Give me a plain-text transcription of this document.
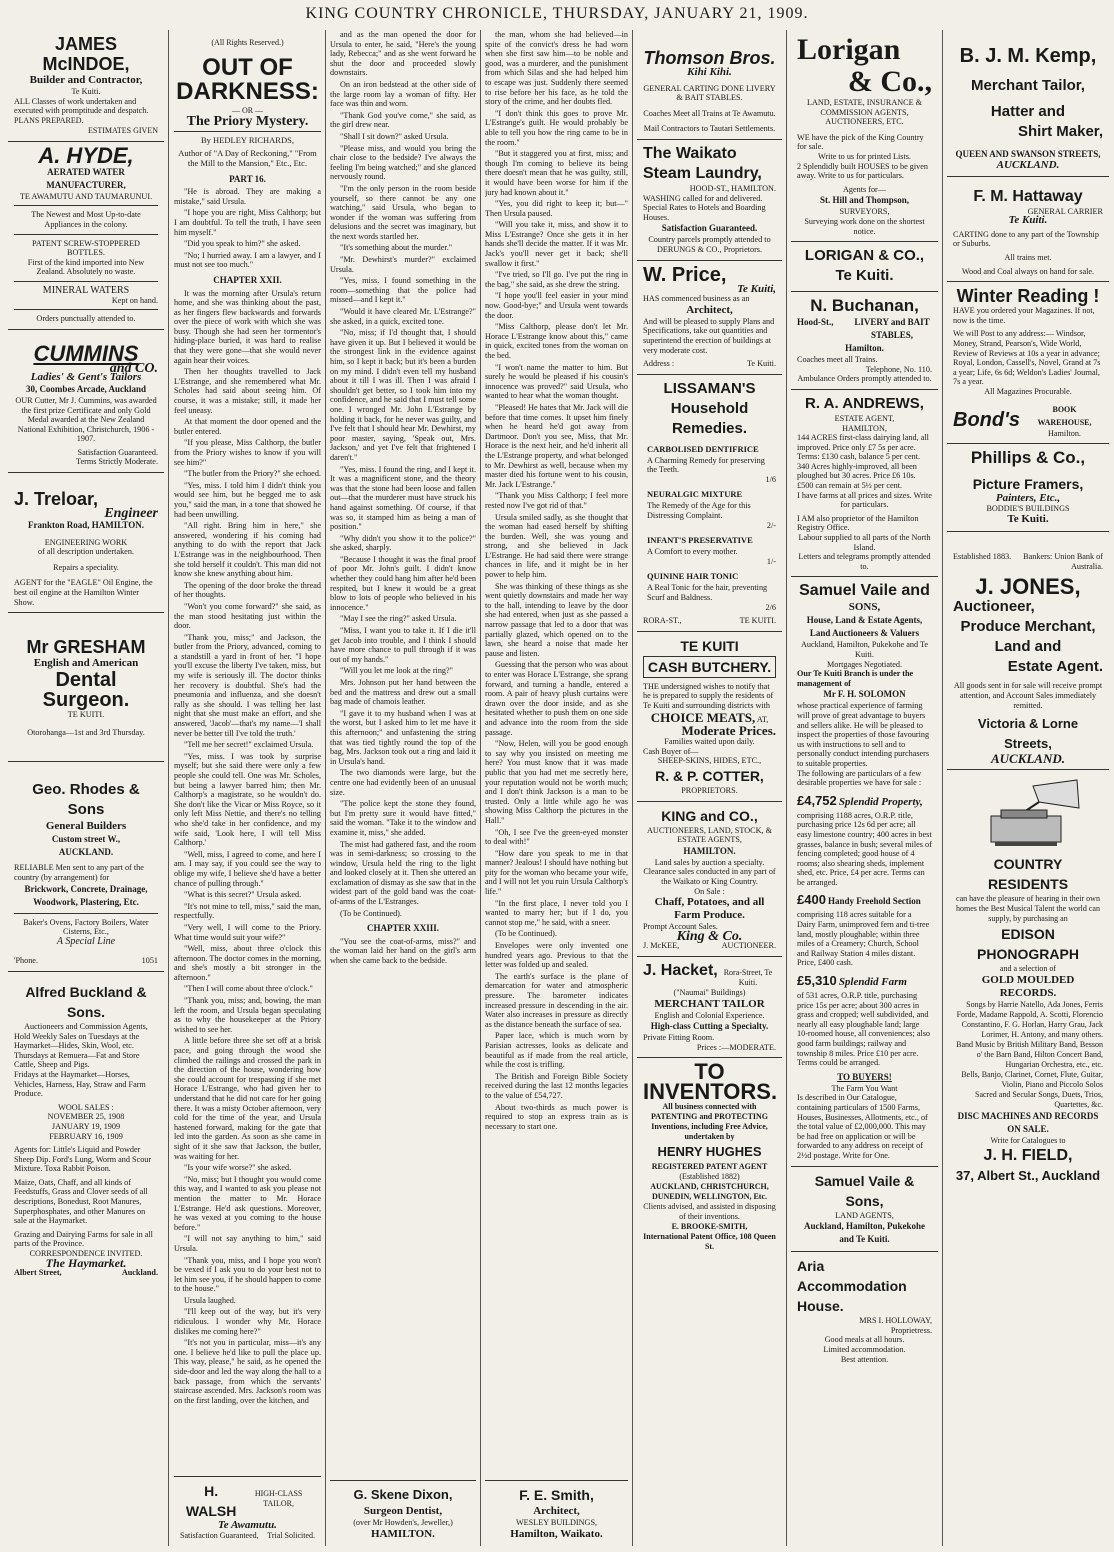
KING COUNTRY CHRONICLE, THURSDAY, JANUARY 21, 1909.
JAMES McINDOE,
Builder and Contractor,
Te Kuiti.
ALL Classes of work undertaken and executed with promptitude and despatch.
PLANS PREPARED.
ESTIMATES GIVEN
A. HYDE,
AERATED WATER MANUFACTURER,
TE AWAMUTU AND TAUMARUNUI.
The Newest and Most Up-to-date Appliances in the colony.
PATENT SCREW-STOPPERED BOTTLES.
First of the kind imported into New Zealand. Absolutely no waste.
MINERAL WATERS
Kept on hand.
Orders punctually attended to.
CUMMINS
and CO.
Ladies' & Gent's Tailors
30, Coombes Arcade, Auckland
OUR Cutter, Mr J. Cummins, was awarded the first prize Certificate and only Gold Medal awarded at the New Zealand National Exhibition, Christchurch, 1906 - 1907.
Satisfaction Guaranteed.
Terms Strictly Moderate.
J. Treloar,
Engineer
Frankton Road, HAMILTON.
ENGINEERING WORK
of all description undertaken.
Repairs a speciality.
AGENT for the "EAGLE" Oil Engine, the best oil engine at the Hamilton Winter Show.
Mr GRESHAM
English and American
Dental Surgeon.
TE KUITI.
Otorohanga—1st and 3rd Thursday.
Geo. Rhodes & Sons
General Builders
Custom street W.,
AUCKLAND.
RELIABLE Men sent to any part of the country (by arrangement) for
Brickwork, Concrete, Drainage, Woodwork, Plastering, Etc.
Baker's Ovens, Factory Boilers, Water Cisterns, Etc.,
A Special Line
'Phone.	1051
Alfred Buckland & Sons.
Auctioneers and Commission Agents,
Hold Weekly Sales on Tuesdays at the Haymarket—Hides, Skin, Wool, etc.
Thursdays at Remuera—Fat and Store Cattle, Sheep and Pigs.
Fridays at the Haymarket—Horses, Vehicles, Harness, Hay, Straw and Farm Produce.
WOOL SALES :
NOVEMBER 25, 1908
JANUARY 19, 1909
FEBRUARY 16, 1909
Agents for: Little's Liquid and Powder Sheep Dip. Ford's Lung, Worm and Scour Mixture. Toxa Rabbit Poison.
Maize, Oats, Chaff, and all kinds of Feedstuffs, Grass and Clover seeds of all descriptions, Bonedust, Root Manures, Superphosphates, and other Manures on sale at the Haymarket.
Grazing and Dairying Farms for sale in all parts of the Province.
CORRESPONDENCE INVITED.
The Haymarket.
Albert Street,	Auckland.
(All Rights Reserved.)
OUT OF DARKNESS:
— OR —
The Priory Mystery.
By HEDLEY RICHARDS,
Author of "A Day of Reckoning," "From the Mill to the Mansion," Etc., Etc.
PART 16.

"He is abroad. They are making a mistake," said Ursula.

"I hope you are right, Miss Calthorp; but I am doubtful. To tell the truth, I have seen him myself."

"Did you speak to him?" she asked.

"No; I hurried away. I am a lawyer, and I must not see too much."

CHAPTER XXII.

It was the morning after Ursula's return home, and she was thinking about the past, as her fingers flew backwards and forwards over the piece of work with which she was busy. Though she had seen her tormentor's hiding-place buried, it was hard to realise that they were gone—that she would never again hear their voices.

Then her thoughts travelled to Jack L'Estrange, and she remembered what Mr. Scholes had said about seeing him. Of course, it was a mistake; still, it made her feel uneasy.

At that moment the door opened and the butler entered.

"If you please, Miss Calthorp, the butler from the Priory wishes to know if you will see him?"

"The butler from the Priory?" she echoed.

"Yes, miss. I told him I didn't think you would see him, but he begged me to ask you," said the man, in a tone that showed he had been unwilling.

"All right. Bring him in here," she answered, wondering if his coming had anything to do with the report that Jack L'Estrange was in the neighbourhood. Then she told herself it couldn't. This man did not know she knew anything about him.

The opening of the door broke the thread of her thoughts.

"Won't you come forward?" she said, as the man stood hesitating just within the door.

"Thank you, miss;" and Jackson, the butler from the Priory, advanced, coming to a standstill a yard in front of her. "I hope you'll excuse the liberty I've taken, miss, but my wife is seriously ill. The doctor thinks her recovery is doubtful. She's had the pneumonia and influenza, and she doesn't rally as she should. I was telling her last night that she must make an effort, and she answered, 'Jacob'—that's my name—'I shall never be better till I've told the truth.'

"Tell me her secret!" exclaimed Ursula.

"Yes, miss. I was took by surprise myself; but she said there were only a few people she could tell. One was Mr. Scholes, but being a lawyer barred him; then Mr. Calthorp's a magistrate, so he wouldn't do. She don't like the Vicar or Miss Royce, so it only left Miss Nettie, and there's no telling who she'd take in her confidence, and my wife said, 'Look here, I will tell Miss Calthorp.'

"Well, miss, I agreed to come, and here I am. I may say, if you could see the way to oblige my wife, I believe she'd have a better chance of pulling through."

"What is this secret?" Ursula asked.

"It's not mine to tell, miss," said the man, respectfully.

"Very well, I will come to the Priory. What time would suit your wife?"

"Well, miss, about three o'clock this afternoon. The doctor comes in the morning, and she's mostly a bit stronger in the afternoon."

"Then I will come about three o'clock."

"Thank you, miss; and, bowing, the man left the room, and Ursula began speculating as to why the housekeeper at the Priory wished to see her.

A little before three she set off at a brisk pace, and going through the wood she climbed the railings and crossed the park in the direction of the house, wondering how she could account for trespassing if she met Horace L'Estrange, who had given her to understand that he did not care for her going there. It was a misty October afternoon, very cold for the time of the year, and Ursula hastened forward, making for the gate that led into the garden. As soon as she came in sight of it she saw that Jackson, the butler, was waiting for her.

"Is your wife worse?" she asked.

"No, miss; but I thought you would come this way, and I wanted to ask you please not mention the matter to Mr. Horace L'Estrange. He'd ask questions. Moreover, he was vexed at you coming to the house before."

"I will not say anything to him," said Ursula.

"Thank you, miss, and I hope you won't be vexed if I ask you to do your best not to let him see you, if he should happen to come to the house."

Ursula laughed.

"I'll keep out of the way, but it's very ridiculous. I wonder why Mr. Horace dislikes me coming here?"

"It's not you in particular, miss—it's any one. I believe he'd like to pull the place up. This way, please," he said, as he opened the side-door and led the way along the hall to a back passage, from which the servants' staircase ascended. Mrs. Jackson's room was on the first landing, over the kitchen, and

H. WALSH
HIGH-CLASS TAILOR,
Te Awamutu.
Satisfaction Guaranteed, Trial Solicited.

and as the man opened the door for Ursula to enter, he said, "Here's the young lady, Rebecca;" and as she went forward he shut the door and proceeded slowly downstairs.

On an iron bedstead at the other side of the large room lay a woman of fifty. Her face was thin and worn.

"Thank God you've come," she said, as the girl drew near.

"Shall I sit down?" asked Ursula.

"Please miss, and would you bring the chair close to the bedside? I've always the feeling I'm being watched;" and she glanced nervously round.

"I'm the only person in the room beside yourself, so there cannot be any one watching," said Ursula, who began to wonder if the woman was suffering from delusions and the secret was imaginary, but the next words startled her.

"It's something about the murder."

"Mr. Dewhirst's murder?" exclaimed Ursula.

"Yes, miss. I found something in the room—something that the police had missed—and I kept it."

"Would it have cleared Mr. L'Estrange?" she asked, in a quick, excited tone.

"No, miss; if I'd thought that, I should have given it up. But I believed it would be the strongest link in the evidence against him, so I kept it back; but it's been a burden on my mind. I didn't even tell my husband about it till I was ill. Then I was afraid I shouldn't get better, so I took him into my confidence, and he said that I must tell some one. I wronged Mr. John L'Estrange by holding it back, for he never was guilty, and I've felt that I should hear Mr. Dewhirst, my poor master, saying, 'Speak out, Mrs. Jackson,' and yet I've felt that frightened I daren't."

"Yes, miss. I found the ring, and I kept it. It was a magnificent stone, and the theory was that the stone had been loose and fallen out—that the murderer must have struck his hand against something. Of course, if that was so, it stamped him as being a man of position."

"Why didn't you show it to the police?" she asked, sharply.

"Because I thought it was the final proof of poor Mr. John's guilt. I didn't know whether they could hang him after he'd been respited, but I knew it would be a great blow to lots of people who believed in his innocence."

"May I see the ring?" asked Ursula.

"Miss, I want you to take it. If I die it'll get Jacob into trouble, and I think I should have more chance to pull through if it was out of my hands."

"Will you let me look at the ring?"

Mrs. Johnson put her hand between the bed and the mattress and drew out a small bag made of chamois leather.

"I gave it to my husband when I was at the worst, but I asked him to let me have it this afternoon;" and unfastening the string that was tied tightly round the top of the bag, Mrs. Jackson took out a ring and laid it in Ursula's hand.

The two diamonds were large, but the centre one had evidently been of an unusual size.

"The police kept the stone they found, but I'm pretty sure it would have fitted," said the woman. "Take it to the window and examine it, miss," she added.

The mist had gathered fast, and the room was in semi-darkness; so crossing to the window, Ursula held the ring to the light and looked closely at it. Then she uttered an exclamation of dismay as she saw that in the widest part of the gold band was the coat-of-arms of the L'Estranges.

(To be Continued).

CHAPTER XXIII.

"You see the coat-of-arms, miss?" and the woman laid her hand on the girl's arm when she came back to the bedside.

G. Skene Dixon,
Surgeon Dentist,
(over Mr Howden's, Jeweller,)
HAMILTON.

the man, whom she had believed—in spite of the convict's dress he had worn when she first saw him—to be noble and good, was a murderer, and the punishment from which Silas and she had helped him to escape was just. Suddenly there seemed to rise before her his face, as he told the story of the crime, and her doubts fled.

"I don't think this goes to prove Mr. L'Estrange's guilt. He would probably be able to tell you how the ring came to be in the room."

"But it staggered you at first, miss; and though I'm coming to believe its being there doesn't mean that he was guilty, still, it would have been worse for him if the jury had known about it."

"Yes, you did right to keep it; but—" Then Ursula paused.

"Will you take it, miss, and show it to Miss L'Estrange? Once she gets it in her hands she'll decide the matter. If it was Mr. Jack's you'll never get it back; she'll swallow it first."

"I've tried, so I'll go. I've put the ring in the bag," she said, as she drew the string.

"I hope you'll feel easier in your mind now. Good-bye;" and Ursula went towards the door.

"Miss Calthorp, please don't let Mr. Horace L'Estrange know about this," came in quick, excited tones from the woman on the bed.

"I won't name the matter to him. But surely he would be pleased if his cousin's innocence was proved?" said Ursula, who wanted to hear what the woman thought.

"Pleased! He hates that Mr. Jack will die before that time comes. It upset him finely when he heard he'd got away from Dartmoor. Don't you see, Miss, that Mr. Horace is the next heir, and he'd inherit all the L'Estrange property, and what belonged to Mr. Dewhirst as well, because when my master died his fortune went to his cousin, Mr. Jack L'Estrange."

"Thank you Miss Calthorp; I feel more rested now I've got rid of that."

Ursula smiled sadly, as she thought that the woman had eased herself by shifting the burden. Well, she was young and strong, and she believed in Jack L'Estrange. He had said there were strange chances in life, and it might be in her power to help him.

She was thinking of these things as she went quietly downstairs and made her way to the hall, intending to leave by the door she had entered, when just as she passed a narrow passage that led to a door that was partially glazed, which opened on to the lawn, she heard a noise that made her pause and listen.

Guessing that the person who was about to enter was Horace L'Estrange, she sprang forward, and turning a handle, entered a room. A pair of heavy plush curtains were drawn over the door inside, and as she hesitated whether to push them on one side and advance into the room from the side passage.

"Now, Helen, will you be good enough to say why you insisted on meeting me here? You must know that it was made public that you had met me secretly here, your reputation would not be worth much; and I don't think Jackson is a man to be trusted. Only a little while ago he was showing Miss Calthorp the pictures in the Hall."

"Oh, I see I've the green-eyed monster to deal with!"

"How dare you speak to me in that manner? Jealous! I should have nothing but pity for the woman who became your wife, and I will not let you ruin Ursula Calthorp's life."

"In the first place, I never told you I wanted to marry her; but if I do, you cannot stop me," he said, with a sneer.

(To be Continued).

Envelopes were only invented one hundred years ago. Previous to that the letter was folded up and sealed.

The earth's surface is the plane of demarcation for water and atmospheric pressure. The barometer indicates increased pressure in descending in the air. Water also increases in pressure as directly as the distance beneath the surface of sea.

Paper lace, which is much worn by Parisian actresses, looks as delicate and beautiful as if made from the real article, while the cost is trifling.

The British and Foreign Bible Society received during the last 12 months legacies to the value of £54,727.

About two-thirds as much power is required to stop an express train as is necessary to start one.

F. E. Smith,
Architect,
WESLEY BUILDINGS,
Hamilton, Waikato.
Thomson Bros.
Kihi Kihi.
GENERAL CARTING DONE LIVERY & BAIT STABLES.
Coaches Meet all Trains at Te Awamutu.
Mail Contractors to Tautari Settlements.
The Waikato Steam Laundry,
HOOD-ST., HAMILTON.
WASHING called for and delivered. Special Rates to Hotels and Boarding Houses.
Satisfaction Guaranteed.
Country parcels promptly attended to
DERUNGS & CO., Proprietors.
W. Price,
Te Kuiti,
HAS commenced business as an
Architect,
And will be pleased to supply Plans and Specifications, take out quantities and superintend the erection of buildings at very moderate cost.
Address :	Te Kuiti.
LISSAMAN'S
Household Remedies.
CARBOLISED DENTIFRICE
A Charming Remedy for preserving the Teeth.
1/6
NEURALGIC MIXTURE
The Remedy of the Age for this Distressing Complaint.
2/-
INFANT'S PRESERVATIVE
A Comfort to every mother.
1/-
QUININE HAIR TONIC
A Real Tonic for the hair, preventing Scurf and Baldness.
2/6
RORA-ST.,	TE KUITI.
TE KUITI
CASH BUTCHERY.
THE undersigned wishes to notify that he is prepared to supply the residents of Te Kuiti and surrounding districts with
CHOICE MEATS, AT,
Moderate Prices.
Families waited upon daily.
Cash Buyer of—
SHEEP-SKINS, HIDES, ETC.,
R. & P. COTTER,
PROPRIETORS.
KING and CO.,
AUCTIONEERS, LAND, STOCK, & ESTATE AGENTS,
HAMILTON.
Land sales by auction a specialty.
Clearance sales conducted in any part of the Waikato or King Country.
On Sale :
Chaff, Potatoes, and all Farm Produce.
Prompt Account Sales.
King & Co.
J. McKEE,	AUCTIONEER.
J. Hacket, Rora-Street, Te Kuiti.
("Naumai" Buildings)
MERCHANT TAILOR
English and Colonial Experience.
High-class Cutting a Specialty.
Private Fitting Room.
Prices :—MODERATE.
TO INVENTORS.
All business connected with PATENTING and PROTECTING Inventions, including Free Advice, undertaken by
HENRY HUGHES
REGISTERED PATENT AGENT
(Established 1882)
AUCKLAND, CHRISTCHURCH, DUNEDIN, WELLINGTON, Etc.
Clients advised, and assisted in disposing of their inventions.
E. BROOKE-SMITH,
International Patent Office, 108 Queen St.
Lorigan
& Co.,
LAND, ESTATE, INSURANCE & COMMISSION AGENTS, AUCTIONEERS, ETC.
WE have the pick of the King Country for sale.
Write to us for printed Lists.
2 Splendidly built HOUSES to be given away. Write to us for particulars.
Agents for—
St. Hill and Thompson,
SURVEYORS,
Surveying work done on the shortest notice.
LORIGAN & CO.,
Te Kuiti.
N. Buchanan,
Hood-St., LIVERY and BAIT STABLES,
Hamilton.
Coaches meet all Trains.
Telephone, No. 110.
Ambulance Orders promptly attended to.
R. A. ANDREWS,
ESTATE AGENT,
HAMILTON,
144 ACRES first-class dairying land, all improved. Price only £7 5s per acre. Terms: £130 cash, balance 5 per cent.
340 Acres highly-improved, all been ploughed but 30 acres. Price £6 10s. £500 can remain at 5½ per cent.
I have farms at all prices and sizes. Write for particulars.
I AM also proprietor of the Hamilton Registry Office.
Labour supplied to all parts of the North Island.
Letters and telegrams promptly attended to.
Samuel Vaile and
SONS,
House, Land & Estate Agents,
Land Auctioneers & Valuers
Auckland, Hamilton, Pukekohe and Te Kuiti.
Mortgages Negotiated.
Our Te Kuiti Branch is under the management of
Mr F. H. SOLOMON
whose practical experience of farming will prove of great advantage to buyers and sellers alike. He will be pleased to inspect the properties of those favouring us with instructions to sell and to personally conduct intending purchasers to suitable properties.
The following are particulars of a few desirable properties we have for sale :
£4,752 Splendid Property,
comprising 1188 acres, O.R.P. title, purchasing price 12s 6d per acre; all easy limestone country; 400 acres in best grasses, balance in bush; several miles of fencing completed; good house of 4 rooms; also shearing sheds, implement shed, etc. Price, £4 per acre. Terms can be arranged.
£400 Handy Freehold Section
comprising 118 acres suitable for a Dairy Farm, unimproved fern and ti-tree land, mostly ploughable; within three miles of a Creamery; Church, School and Railway Station 4 miles distant. Price, £400 cash.
£5,310 Splendid Farm
of 531 acres, O.R.P. title, purchasing price 15s per acre; about 300 acres in grass and cropped; well subdivided, and nearly all easy ploughable land; large 10-roomed house, all conveniences; also good farm buildings; railway and township 8 miles. Price £10 per acre. Terms could be arranged.
TO BUYERS!
The Farm You Want
Is described in Our Catalogue, containing particulars of 1500 Farms, Houses, Businesses, Allotments, etc., of the total value of £2,000,000. This may be had free on application or will be forwarded to any address on receipt of 2½d postage. Write for One.
Samuel Vaile & Sons,
LAND AGENTS,
Auckland, Hamilton, Pukekohe and Te Kuiti.
Aria Accommodation House.
MRS I. HOLLOWAY,
Proprietress.
Good meals at all hours.
Limited accommodation.
Best attention.
B. J. M. Kemp,
Merchant Tailor,
Hatter and
Shirt Maker,
QUEEN AND SWANSON STREETS,
AUCKLAND.
F. M. Hattaway
GENERAL CARRIER
Te Kuiti.
CARTING done to any part of the Township or Suburbs.
All trains met.
Wood and Coal always on hand for sale.
Winter Reading !
HAVE you ordered your Magazines. If not, now is the time.
We will Post to any address:— Windsor, Money, Strand, Pearson's, Wide World, Review of Reviews at 10s a year in advance; Royal, London, Cassell's, Novel, Grand at 7s a year; Life, 6s 6d; Weldon's Ladies' Journal, 7s a year.
All Magazines Procurable.
Bond's
BOOK WAREHOUSE,
Hamilton.
Phillips & Co.,
Picture Framers,
Painters, Etc.,
BODDIE'S BUILDINGS
Te Kuiti.
Established 1883.	Bankers: Union Bank of Australia.
J. JONES,
Auctioneer,
Produce Merchant,
Land and
Estate Agent.
All goods sent in for sale will receive prompt attention, and Account Sales immediately remitted.
Victoria & Lorne Streets,
AUCKLAND.
COUNTRY RESIDENTS
can have the pleasure of hearing in their own homes the Best Musical Talent the world can supply, by purchasing an
EDISON
PHONOGRAPH
and a selection of
GOLD MOULDED RECORDS.
Songs by Harrie Natello, Ada Jones, Ferris Forde, Madame Rappold, A. Scotti, Florencio Constantino, F. G. Horlan, Harry Grau, Jack Lorimer, H. Antony, and many others.
Band Music by British Military Band, Besson o' the Barn Band, Hilton Concert Band, Hungarian Orchestra, etc., etc.
Bells, Banjo, Clarinet, Cornet, Flute, Guitar, Violin, Piano and Piccolo Solos
Sacred and Secular Songs, Duets, Trios, Quartettes, &c.
DISC MACHINES AND RECORDS ON SALE.
Write for Catalogues to
J. H. FIELD,
37, Albert St., Auckland
